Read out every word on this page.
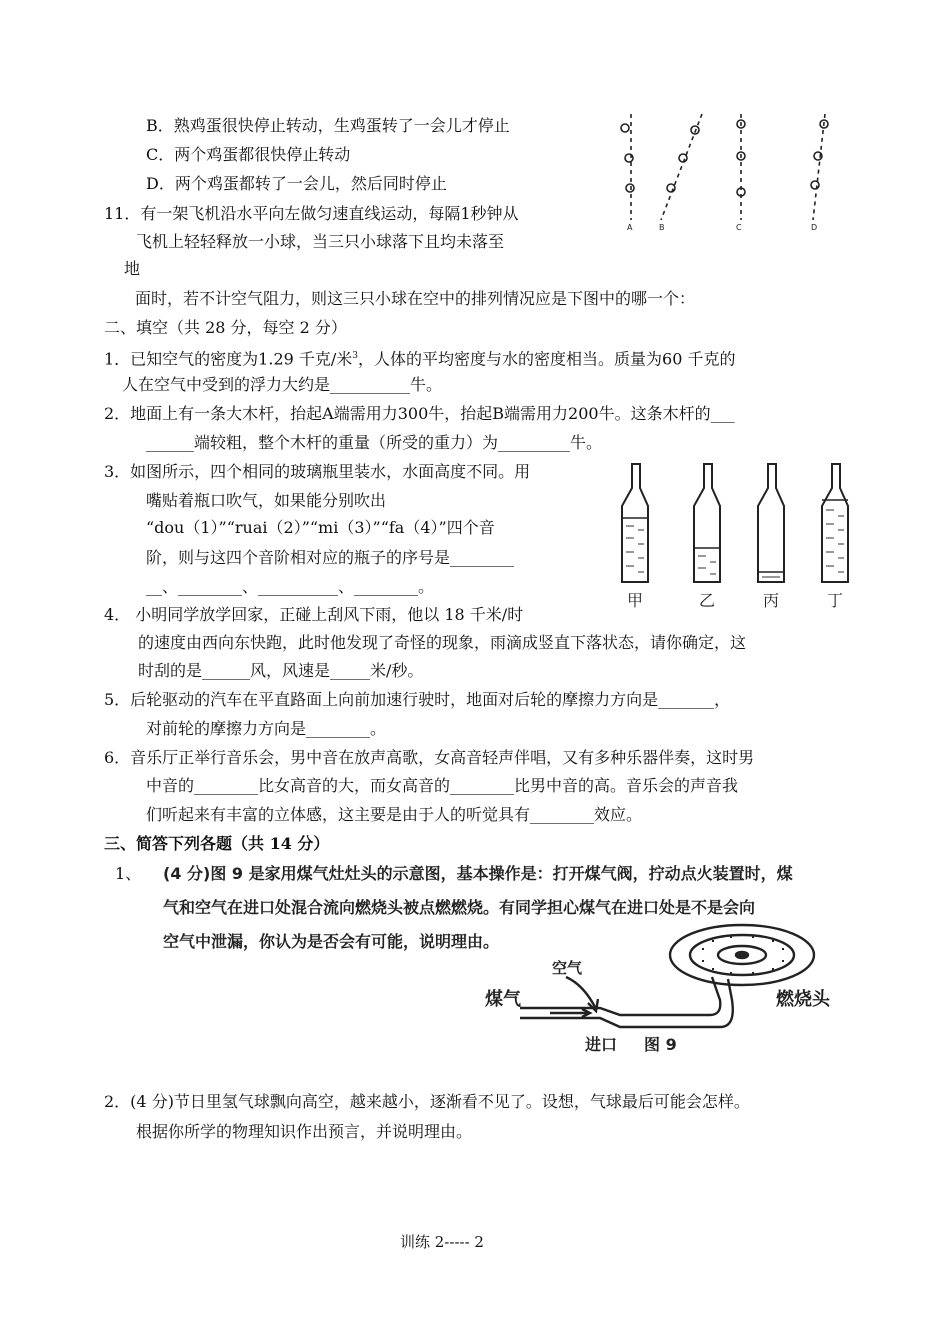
B．熟鸡蛋很快停止转动，生鸡蛋转了一会儿才停止
C．两个鸡蛋都很快停止转动
D．两个鸡蛋都转了一会儿，然后同时停止
11．有一架飞机沿水平向左做匀速直线运动，每隔1秒钟从
飞机上轻轻释放一小球，当三只小球落下且均未落至
地
面时，若不计空气阻力，则这三只小球在空中的排列情况应是下图中的哪一个：
A	B	C	D
二、填空（共 28 分，每空 2 分）
1．已知空气的密度为1.29 千克/米$^3$，人体的平均密度与水的密度相当。质量为60 千克的
人在空气中受到的浮力大约是__________牛。
2．地面上有一条大木杆，抬起A端需用力300牛，抬起B端需用力200牛。这条木杆的___
______端较粗，整个木杆的重量（所受的重力）为_________牛。
3．如图所示，四个相同的玻璃瓶里装水，水面高度不同。用
嘴贴着瓶口吹气，如果能分别吹出
“dou（1）”“ruai（2）”“mi（3）”“fa（4）”四个音
阶，则与这四个音阶相对应的瓶子的序号是________
__、________、__________、________。
甲	乙	丙	丁
4． 小明同学放学回家，正碰上刮风下雨，他以 18 千米/时
的速度由西向东快跑，此时他发现了奇怪的现象，雨滴成竖直下落状态，请你确定，这
时刮的是______风，风速是_____米/秒。
5．后轮驱动的汽车在平直路面上向前加速行驶时，地面对后轮的摩擦力方向是_______，
对前轮的摩擦力方向是________。
6．音乐厅正举行音乐会，男中音在放声高歌，女高音轻声伴唱，又有多种乐器伴奏，这时男
中音的________比女高音的大，而女高音的________比男中音的高。音乐会的声音我
们听起来有丰富的立体感，这主要是由于人的听觉具有________效应。
三、简答下列各题（共 14 分）
1、 (4 分)图 9 是家用煤气灶灶头的示意图，基本操作是：打开煤气阀，拧动点火装置时，煤
气和空气在进口处混合流向燃烧头被点燃燃烧。有同学担心煤气在进口处是不是会向
空气中泄漏，你认为是否会有可能，说明理由。
煤气
空气
进口 图 9
燃烧头
2．(4 分)节日里氢气球飘向高空，越来越小，逐渐看不见了。设想，气球最后可能会怎样。
根据你所学的物理知识作出预言，并说明理由。
训练 2----- 2
